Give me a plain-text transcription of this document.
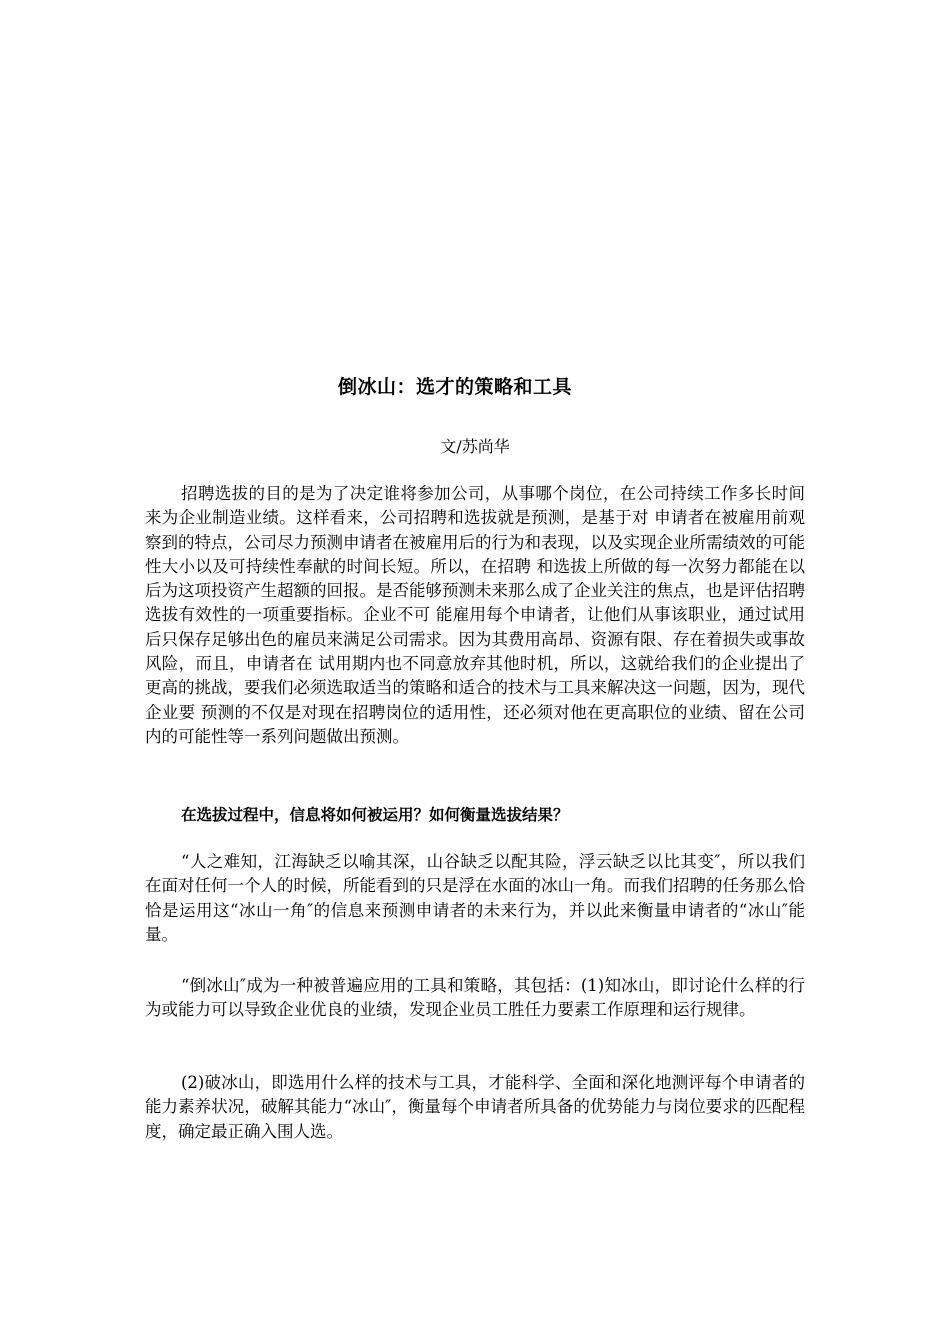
倒冰山：选才的策略和工具
文/苏尚华

招聘选拔的目的是为了决定谁将参加公司，从事哪个岗位，在公司持续工作多长时间来为企业制造业绩。这样看来，公司招聘和选拔就是预测，是基于对 申请者在被雇用前观察到的特点，公司尽力预测申请者在被雇用后的行为和表现，以及实现企业所需绩效的可能性大小以及可持续性奉献的时间长短。所以，在招聘 和选拔上所做的每一次努力都能在以后为这项投资产生超额的回报。是否能够预测未来那么成了企业关注的焦点，也是评估招聘选拔有效性的一项重要指标。企业不可 能雇用每个申请者，让他们从事该职业，通过试用后只保存足够出色的雇员来满足公司需求。因为其费用高昂、资源有限、存在着损失或事故风险，而且，申请者在 试用期内也不同意放弃其他时机，所以，这就给我们的企业提出了更高的挑战，要我们必须选取适当的策略和适合的技术与工具来解决这一问题，因为，现代企业要 预测的不仅是对现在招聘岗位的适用性，还必须对他在更高职位的业绩、留在公司内的可能性等一系列问题做出预测。

在选拔过程中，信息将如何被运用？如何衡量选拔结果？

“人之难知，江海缺乏以喻其深，山谷缺乏以配其险，浮云缺乏以比其变″，所以我们在面对任何一个人的时候，所能看到的只是浮在水面的冰山一角。而我们招聘的任务那么恰恰是运用这“冰山一角″的信息来预测申请者的未来行为，并以此来衡量申请者的“冰山″能量。

“倒冰山″成为一种被普遍应用的工具和策略，其包括：(1)知冰山，即讨论什么样的行为或能力可以导致企业优良的业绩，发现企业员工胜任力要素工作原理和运行规律。

(2)破冰山，即选用什么样的技术与工具，才能科学、全面和深化地测评每个申请者的能力素养状况，破解其能力“冰山″，衡量每个申请者所具备的优势能力与岗位要求的匹配程度，确定最正确入围人选。
